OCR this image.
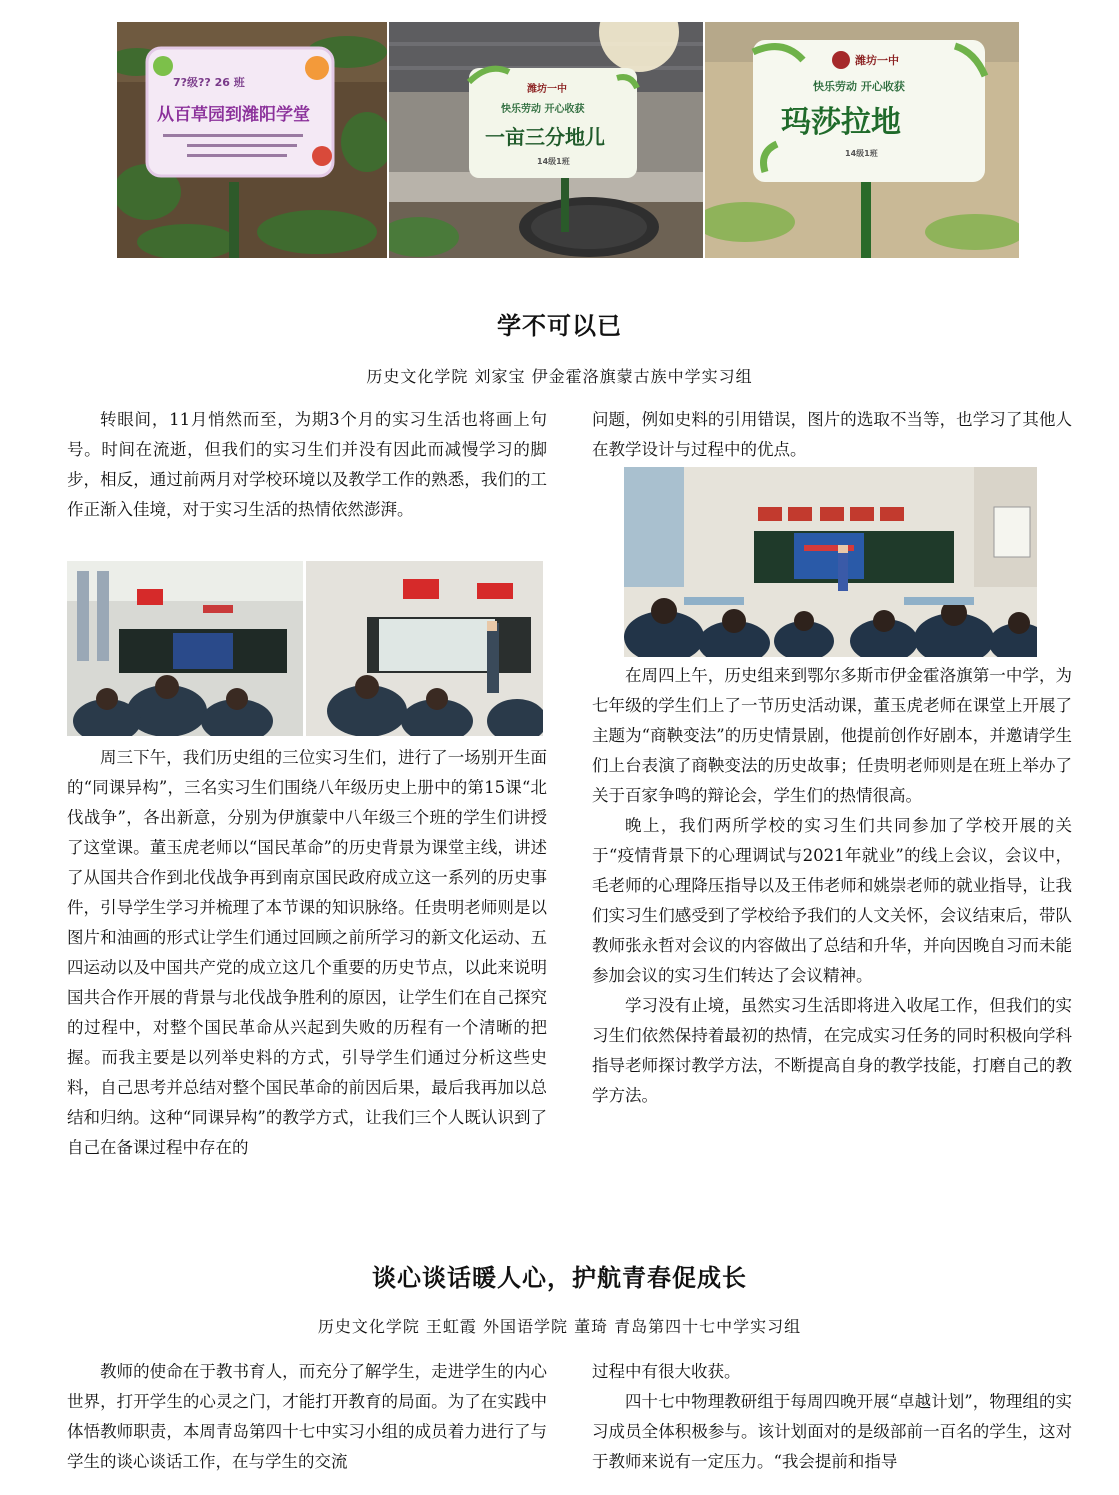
7?级?? 26 班
从百草园到潍阳学堂
潍坊一中
快乐劳动 开心收获
一亩三分地儿
14级1班
潍坊一中
快乐劳动 开心收获
玛莎拉地
14级1班
学不可以已
历史文化学院 刘家宝 伊金霍洛旗蒙古族中学实习组

转眼间，11月悄然而至，为期3个月的实习生活也将画上句号。时间在流逝，但我们的实习生们并没有因此而减慢学习的脚步，相反，通过前两月对学校环境以及教学工作的熟悉，我们的工作正渐入佳境，对于实习生活的热情依然澎湃。

周三下午，我们历史组的三位实习生们，进行了一场别开生面的“同课异构”，三名实习生们围绕八年级历史上册中的第15课“北伐战争”，各出新意，分别为伊旗蒙中八年级三个班的学生们讲授了这堂课。董玉虎老师以“国民革命”的历史背景为课堂主线，讲述了从国共合作到北伐战争再到南京国民政府成立这一系列的历史事件，引导学生学习并梳理了本节课的知识脉络。任贵明老师则是以图片和油画的形式让学生们通过回顾之前所学习的新文化运动、五四运动以及中国共产党的成立这几个重要的历史节点，以此来说明国共合作开展的背景与北伐战争胜利的原因，让学生们在自己探究的过程中，对整个国民革命从兴起到失败的历程有一个清晰的把握。而我主要是以列举史料的方式，引导学生们通过分析这些史料，自己思考并总结对整个国民革命的前因后果，最后我再加以总结和归纳。这种“同课异构”的教学方式，让我们三个人既认识到了自己在备课过程中存在的

问题，例如史料的引用错误，图片的选取不当等，也学习了其他人在教学设计与过程中的优点。

在周四上午，历史组来到鄂尔多斯市伊金霍洛旗第一中学，为七年级的学生们上了一节历史活动课，董玉虎老师在课堂上开展了主题为“商鞅变法”的历史情景剧，他提前创作好剧本，并邀请学生们上台表演了商鞅变法的历史故事；任贵明老师则是在班上举办了关于百家争鸣的辩论会，学生们的热情很高。

晚上，我们两所学校的实习生们共同参加了学校开展的关于“疫情背景下的心理调试与2021年就业”的线上会议，会议中，毛老师的心理降压指导以及王伟老师和姚崇老师的就业指导，让我们实习生们感受到了学校给予我们的人文关怀，会议结束后，带队教师张永哲对会议的内容做出了总结和升华，并向因晚自习而未能参加会议的实习生们转达了会议精神。

学习没有止境，虽然实习生活即将进入收尾工作，但我们的实习生们依然保持着最初的热情，在完成实习任务的同时积极向学科指导老师探讨教学方法，不断提高自身的教学技能，打磨自己的教学方法。

谈心谈话暖人心，护航青春促成长
历史文化学院 王虹霞 外国语学院 董琦 青岛第四十七中学实习组

教师的使命在于教书育人，而充分了解学生，走进学生的内心世界，打开学生的心灵之门，才能打开教育的局面。为了在实践中体悟教师职责，本周青岛第四十七中实习小组的成员着力进行了与学生的谈心谈话工作，在与学生的交流

过程中有很大收获。

四十七中物理教研组于每周四晚开展“卓越计划”，物理组的实习成员全体积极参与。该计划面对的是级部前一百名的学生，这对于教师来说有一定压力。“我会提前和指导
